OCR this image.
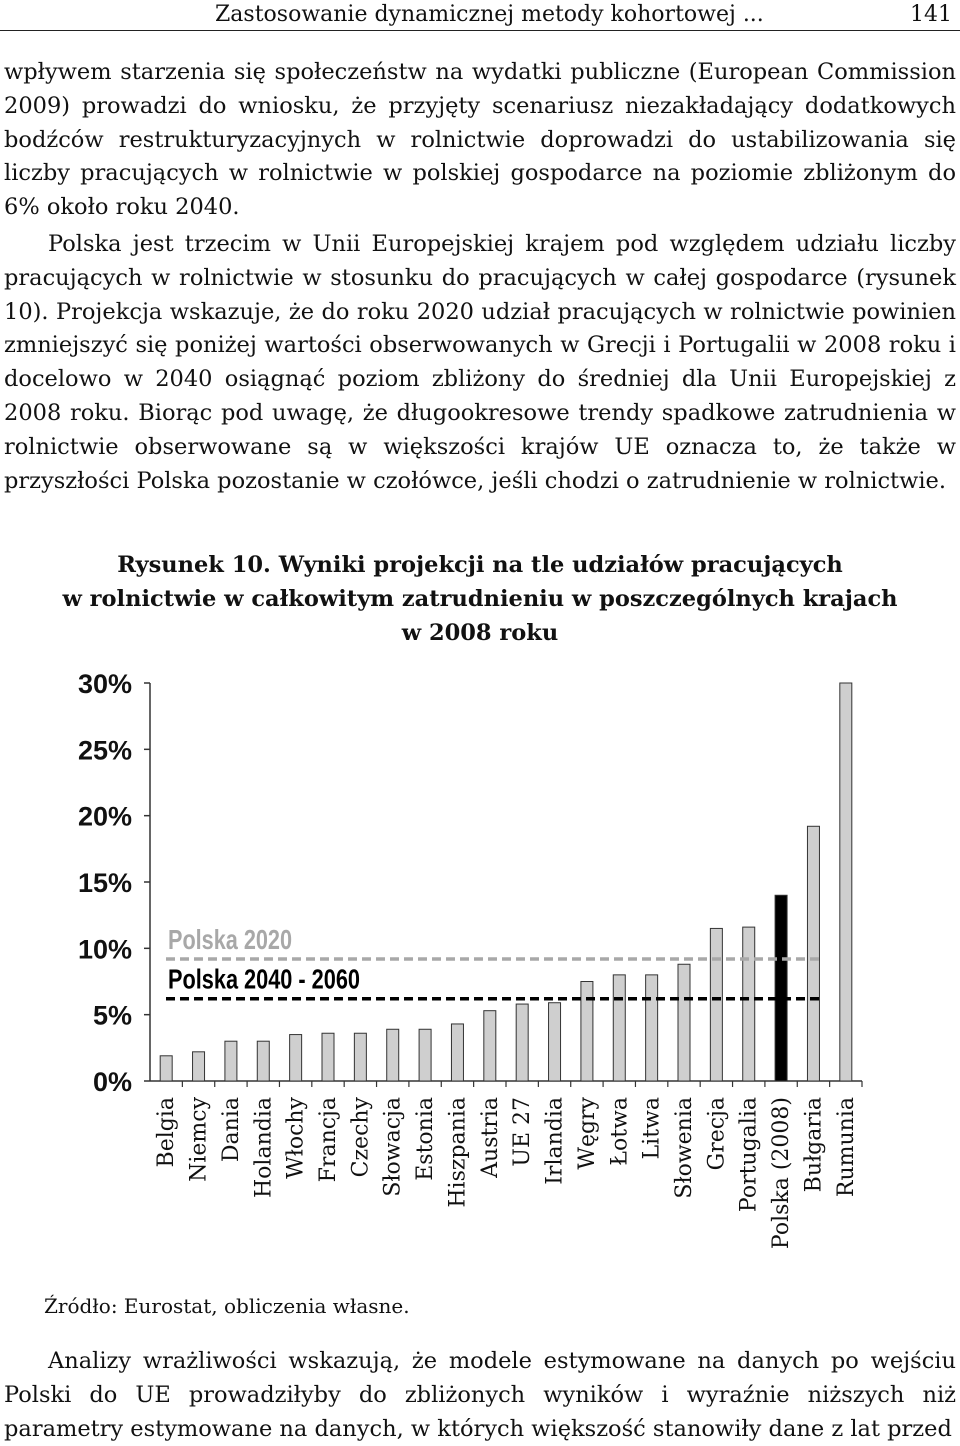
Zastosowanie dynamicznej metody kohortowej ...	141

wpływem starzenia się społeczeństw na wydatki publiczne (European Commission 2009) prowadzi do wniosku, że przyjęty scenariusz niezakładający dodatkowych bodźców restrukturyzacyjnych w rolnictwie doprowadzi do ustabilizowania się liczby pracujących w rolnictwie w polskiej gospodarce na poziomie zbliżonym do 6% około roku 2040.

Polska jest trzecim w Unii Europejskiej krajem pod względem udziału liczby pracujących w rolnictwie w stosunku do pracujących w całej gospodarce (rysunek 10). Projekcja wskazuje, że do roku 2020 udział pracujących w rolnictwie powinien zmniejszyć się poniżej wartości obserwowanych w Grecji i Portugalii w 2008 roku i docelowo w 2040 osiągnąć poziom zbliżony do średniej dla Unii Europejskiej z 2008 roku. Biorąc pod uwagę, że długookresowe trendy spadkowe zatrudnienia w rolnictwie obserwowane są w większości krajów UE oznacza to, że także w przyszłości Polska pozostanie w czołówce, jeśli chodzi o zatrudnienie w rolnictwie.

Rysunek 10. Wyniki projekcji na tle udziałów pracujących
w rolnictwie w całkowitym zatrudnieniu w poszczególnych krajach
w 2008 roku
0%
5%
10%
15%
20%
25%
30%
Belgia Niemcy Dania Holandia Włochy Francja Czechy Słowacja Estonia Hiszpania Austria UE 27 Irlandia Węgry Łotwa Litwa Słowenia Grecja Portugalia Polska (2008) Bułgaria Rumunia
Polska 2020
Polska 2040 - 2060
Źródło: Eurostat, obliczenia własne.

Analizy wrażliwości wskazują, że modele estymowane na danych po wejściu Polski do UE prowadziłyby do zbliżonych wyników i wyraźnie niższych niż parametry estymowane na danych, w których większość stanowiły dane z lat przed
